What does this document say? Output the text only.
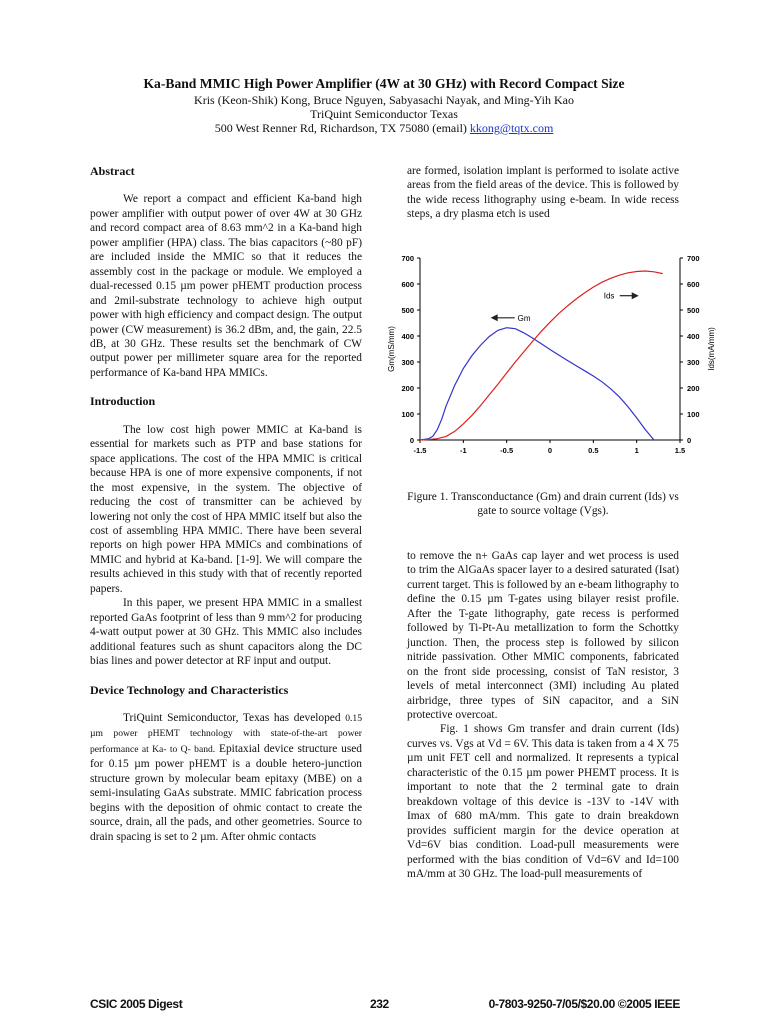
Ka-Band MMIC High Power Amplifier (4W at 30 GHz) with Record Compact Size
Kris (Keon-Shik) Kong, Bruce Nguyen, Sabyasachi Nayak, and Ming-Yih Kao
TriQuint Semiconductor Texas
500 West Renner Rd, Richardson, TX 75080 (email) kkong@tqtx.com

Abstract

We report a compact and efficient Ka-band high power amplifier with output power of over 4W at 30 GHz and record compact area of 8.63 mm^2 in a Ka-band high power amplifier (HPA) class. The bias capacitors (~80 pF) are included inside the MMIC so that it reduces the assembly cost in the package or module. We employed a dual-recessed 0.15 µm power pHEMT production process and 2mil-substrate technology to achieve high output power with high efficiency and compact design. The output power (CW measurement) is 36.2 dBm, and, the gain, 22.5 dB, at 30 GHz. These results set the benchmark of CW output power per millimeter square area for the reported performance of Ka-band HPA MMICs.

Introduction

The low cost high power MMIC at Ka-band is essential for markets such as PTP and base stations for space applications. The cost of the HPA MMIC is critical because HPA is one of more expensive components, if not the most expensive, in the system. The objective of reducing the cost of transmitter can be achieved by lowering not only the cost of HPA MMIC itself but also the cost of assembling HPA MMIC. There have been several reports on high power HPA MMICs and combinations of MMIC and hybrid at Ka-band. [1-9]. We will compare the results achieved in this study with that of recently reported papers.

In this paper, we present HPA MMIC in a smallest reported GaAs footprint of less than 9 mm^2 for producing 4-watt output power at 30 GHz. This MMIC also includes additional features such as shunt capacitors along the DC bias lines and power detector at RF input and output.

Device Technology and Characteristics

TriQuint Semiconductor, Texas has developed 0.15 µm power pHEMT technology with state-of-the-art power performance at Ka- to Q- band. Epitaxial device structure used for 0.15 µm power pHEMT is a double hetero-junction structure grown by molecular beam epitaxy (MBE) on a semi-insulating GaAs substrate. MMIC fabrication process begins with the deposition of ohmic contact to create the source, drain, all the pads, and other geometries. Source to drain spacing is set to 2 µm. After ohmic contacts

are formed, isolation implant is performed to isolate active areas from the field areas of the device. This is followed by the wide recess lithography using e-beam. In wide recess steps, a dry plasma etch is used

0
100
200
300
400
500
600
700
0
100
200
300
400
500
600
700
-1.5	-1	-0.5	0	0.5	1	1.5
Gm(mS/mm)	Ids(mA/mm)
Gm
Ids
Figure 1. Transconductance (Gm) and drain current (Ids) vs gate to source voltage (Vgs).

to remove the n+ GaAs cap layer and wet process is used to trim the AlGaAs spacer layer to a desired saturated (Isat) current target. This is followed by an e-beam lithography to define the 0.15 µm T-gates using bilayer resist profile. After the T-gate lithography, gate recess is performed followed by Ti-Pt-Au metallization to form the Schottky junction. Then, the process step is followed by silicon nitride passivation. Other MMIC components, fabricated on the front side processing, consist of TaN resistor, 3 levels of metal interconnect (3MI) including Au plated airbridge, three types of SiN capacitor, and a SiN protective overcoat.

Fig. 1 shows Gm transfer and drain current (Ids) curves vs. Vgs at Vd = 6V. This data is taken from a 4 X 75 µm unit FET cell and normalized. It represents a typical characteristic of the 0.15 µm power PHEMT process. It is important to note that the 2 terminal gate to drain breakdown voltage of this device is -13V to -14V with Imax of 680 mA/mm. This gate to drain breakdown provides sufficient margin for the device operation at Vd=6V bias condition. Load-pull measurements were performed with the bias condition of Vd=6V and Id=100 mA/mm at 30 GHz. The load-pull measurements of

CSIC 2005 Digest	232	0-7803-9250-7/05/$20.00 ©2005 IEEE
